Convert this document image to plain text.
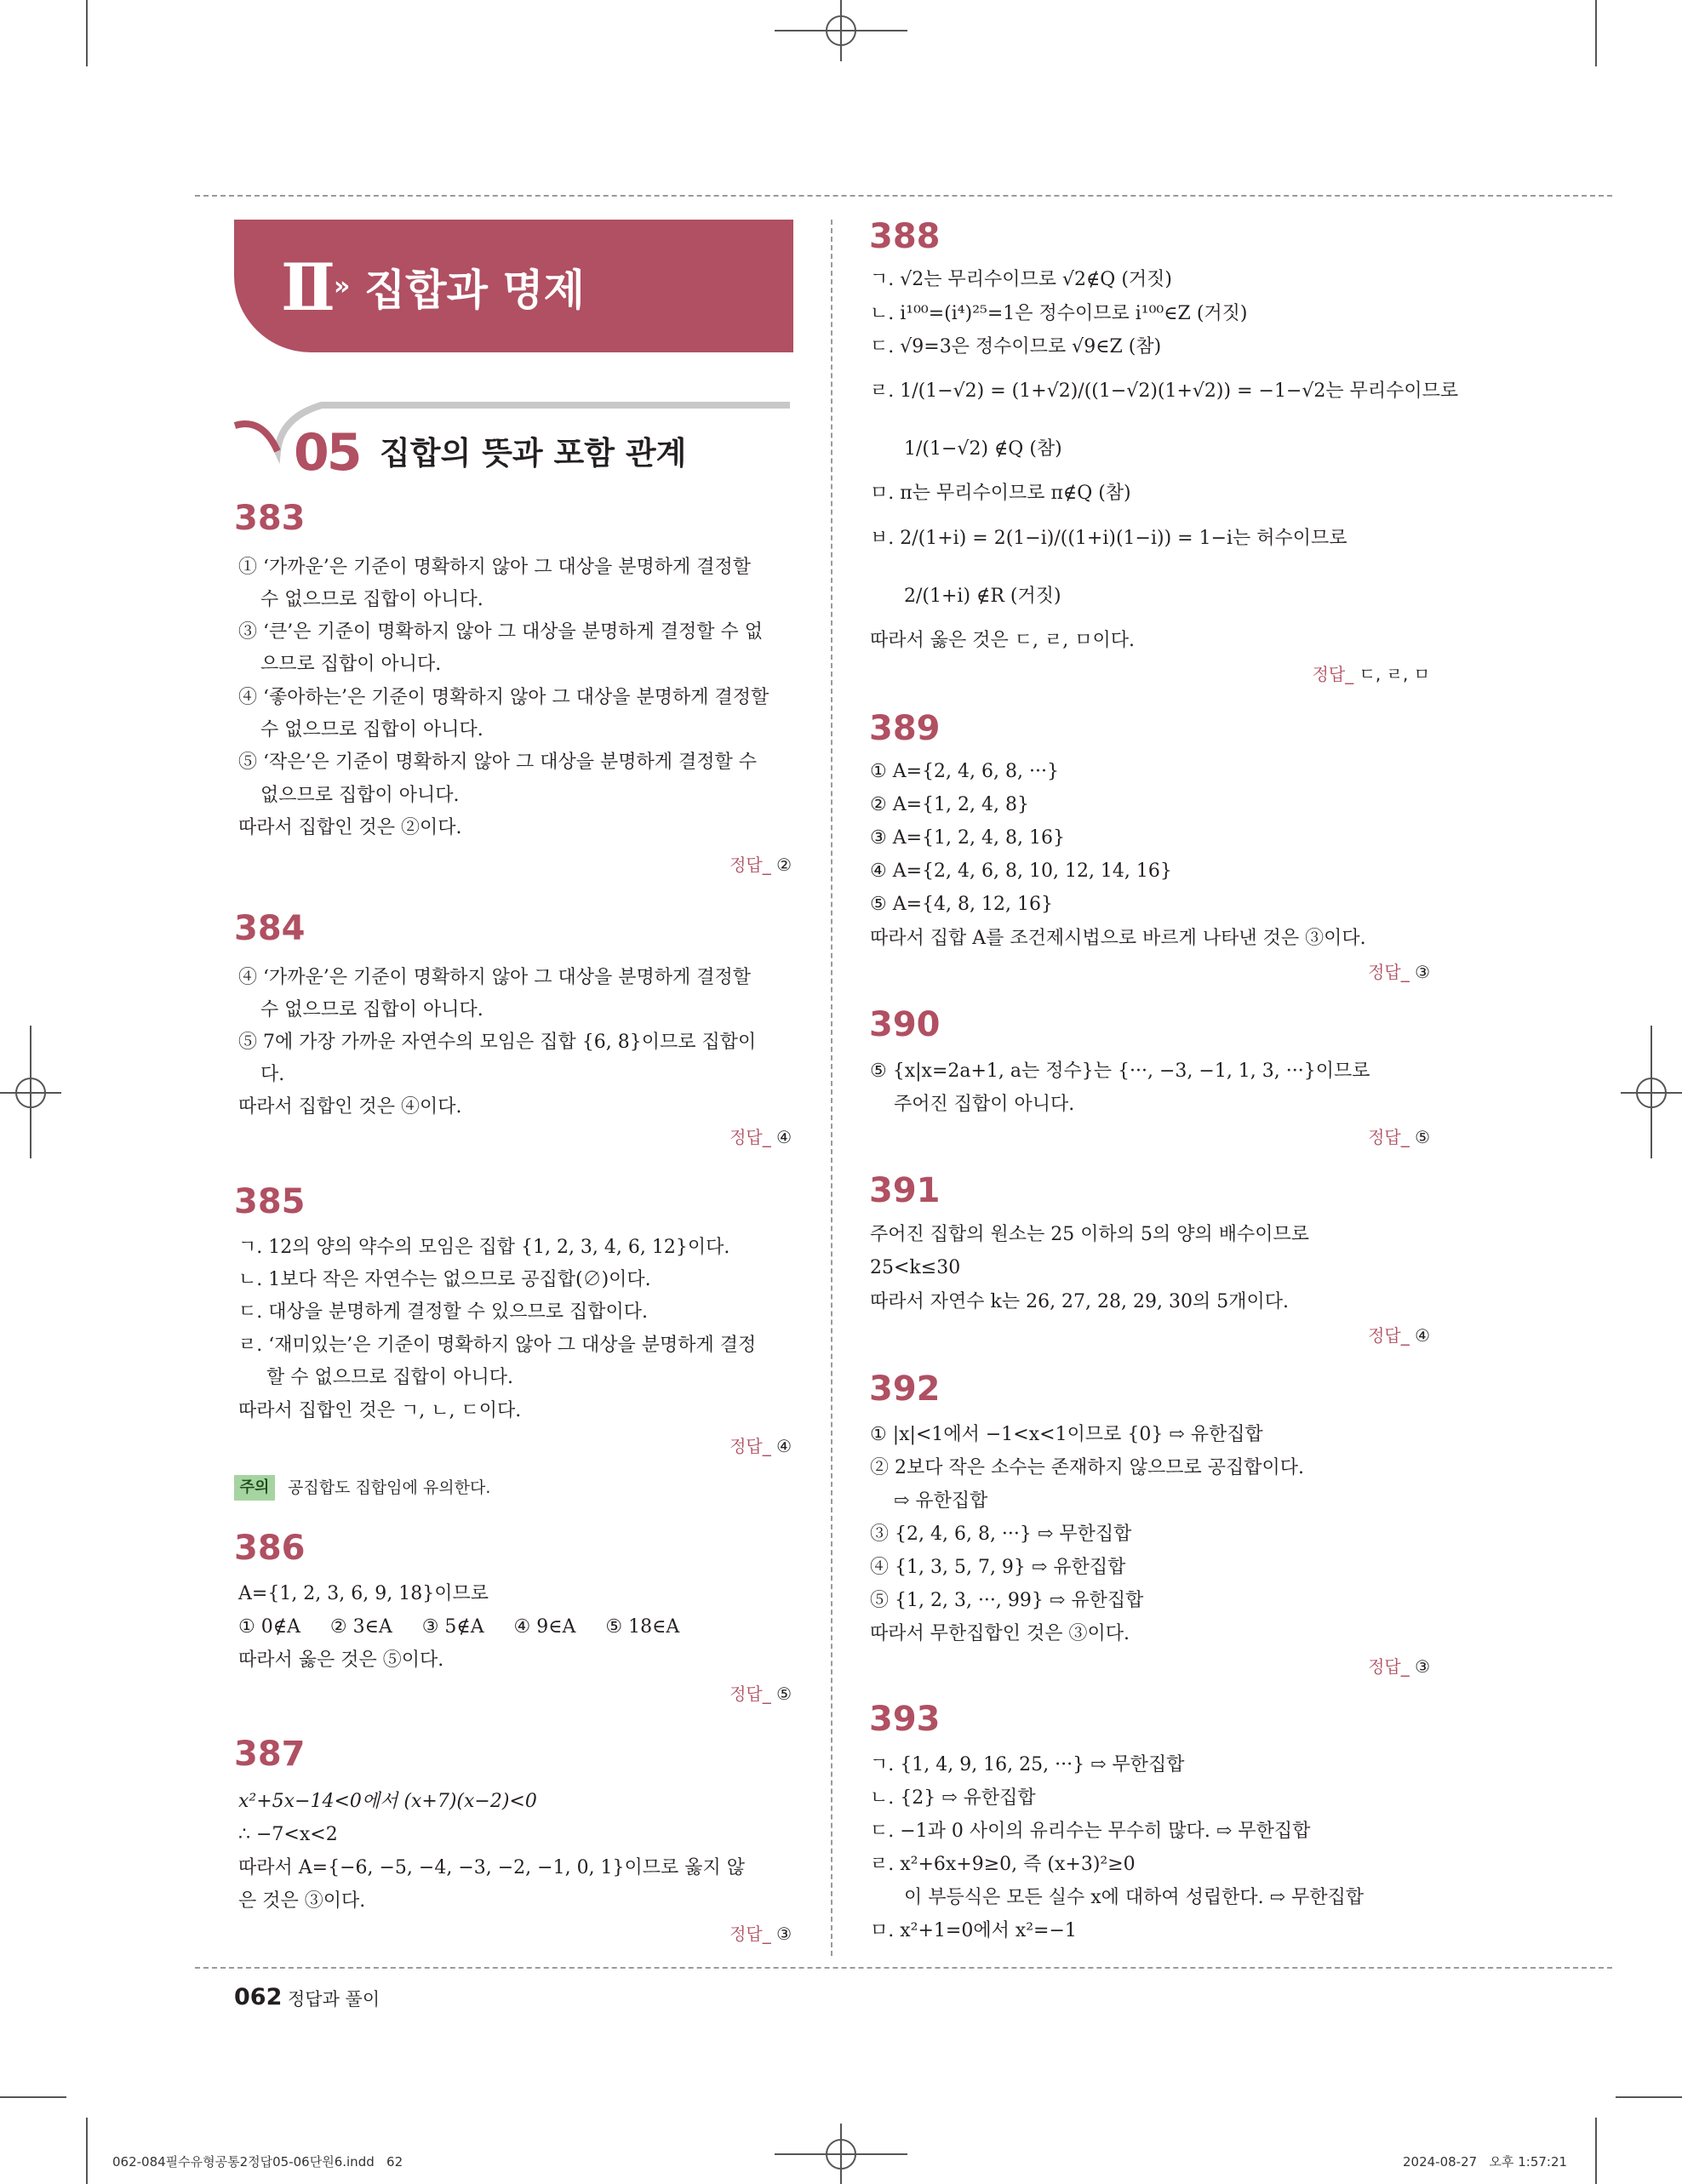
Ⅱ » 집합과 명제
05 집합의 뜻과 포함 관계
383
① ‘가까운’은 기준이 명확하지 않아 그 대상을 분명하게 결정할
수 없으므로 집합이 아니다.
③ ‘큰’은 기준이 명확하지 않아 그 대상을 분명하게 결정할 수 없
으므로 집합이 아니다.
④ ‘좋아하는’은 기준이 명확하지 않아 그 대상을 분명하게 결정할
수 없으므로 집합이 아니다.
⑤ ‘작은’은 기준이 명확하지 않아 그 대상을 분명하게 결정할 수
없으므로 집합이 아니다.
따라서 집합인 것은 ②이다.
정답_ ②
384
④ ‘가까운’은 기준이 명확하지 않아 그 대상을 분명하게 결정할
수 없으므로 집합이 아니다.
⑤ 7에 가장 가까운 자연수의 모임은 집합 {6, 8}이므로 집합이
다.
따라서 집합인 것은 ④이다.
정답_ ④
385
ㄱ. 12의 양의 약수의 모임은 집합 {1, 2, 3, 4, 6, 12}이다.
ㄴ. 1보다 작은 자연수는 없으므로 공집합(∅)이다.
ㄷ. 대상을 분명하게 결정할 수 있으므로 집합이다.
ㄹ. ‘재미있는’은 기준이 명확하지 않아 그 대상을 분명하게 결정
할 수 없으므로 집합이 아니다.
따라서 집합인 것은 ㄱ, ㄴ, ㄷ이다.
정답_ ④
주의	공집합도 집합임에 유의한다.
386
A={1, 2, 3, 6, 9, 18}이므로
① 0∉A     ② 3∈A     ③ 5∉A     ④ 9∈A     ⑤ 18∈A
따라서 옳은 것은 ⑤이다.
정답_ ⑤
387
x²+5x−14<0에서 (x+7)(x−2)<0
∴ −7<x<2
따라서 A={−6, −5, −4, −3, −2, −1, 0, 1}이므로 옳지 않
은 것은 ③이다.
정답_ ③
388
ㄱ. √2는 무리수이므로 √2∉Q (거짓)
ㄴ. i¹⁰⁰=(i⁴)²⁵=1은 정수이므로 i¹⁰⁰∈Z (거짓)
ㄷ. √9=3은 정수이므로 √9∈Z (참)
ㄹ. 1/(1−√2) = (1+√2)/((1−√2)(1+√2)) = −1−√2는 무리수이므로
1/(1−√2) ∉Q (참)
ㅁ. π는 무리수이므로 π∉Q (참)
ㅂ. 2/(1+i) = 2(1−i)/((1+i)(1−i)) = 1−i는 허수이므로
2/(1+i) ∉R (거짓)
따라서 옳은 것은 ㄷ, ㄹ, ㅁ이다.
정답_ ㄷ, ㄹ, ㅁ
389
① A={2, 4, 6, 8, ···}
② A={1, 2, 4, 8}
③ A={1, 2, 4, 8, 16}
④ A={2, 4, 6, 8, 10, 12, 14, 16}
⑤ A={4, 8, 12, 16}
따라서 집합 A를 조건제시법으로 바르게 나타낸 것은 ③이다.
정답_ ③
390
⑤ {x|x=2a+1, a는 정수}는 {···, −3, −1, 1, 3, ···}이므로
주어진 집합이 아니다.
정답_ ⑤
391
주어진 집합의 원소는 25 이하의 5의 양의 배수이므로
25<k≤30
따라서 자연수 k는 26, 27, 28, 29, 30의 5개이다.
정답_ ④
392
① |x|<1에서 −1<x<1이므로 {0} ⇨ 유한집합
② 2보다 작은 소수는 존재하지 않으므로 공집합이다.
⇨ 유한집합
③ {2, 4, 6, 8, ···} ⇨ 무한집합
④ {1, 3, 5, 7, 9} ⇨ 유한집합
⑤ {1, 2, 3, ···, 99} ⇨ 유한집합
따라서 무한집합인 것은 ③이다.
정답_ ③
393
ㄱ. {1, 4, 9, 16, 25, ···} ⇨ 무한집합
ㄴ. {2} ⇨ 유한집합
ㄷ. −1과 0 사이의 유리수는 무수히 많다. ⇨ 무한집합
ㄹ. x²+6x+9≥0, 즉 (x+3)²≥0
이 부등식은 모든 실수 x에 대하여 성립한다. ⇨ 무한집합
ㅁ. x²+1=0에서 x²=−1
062 정답과 풀이
062-084필수유형공통2정답05-06단원6.indd   62	2024-08-27   오후 1:57:21
